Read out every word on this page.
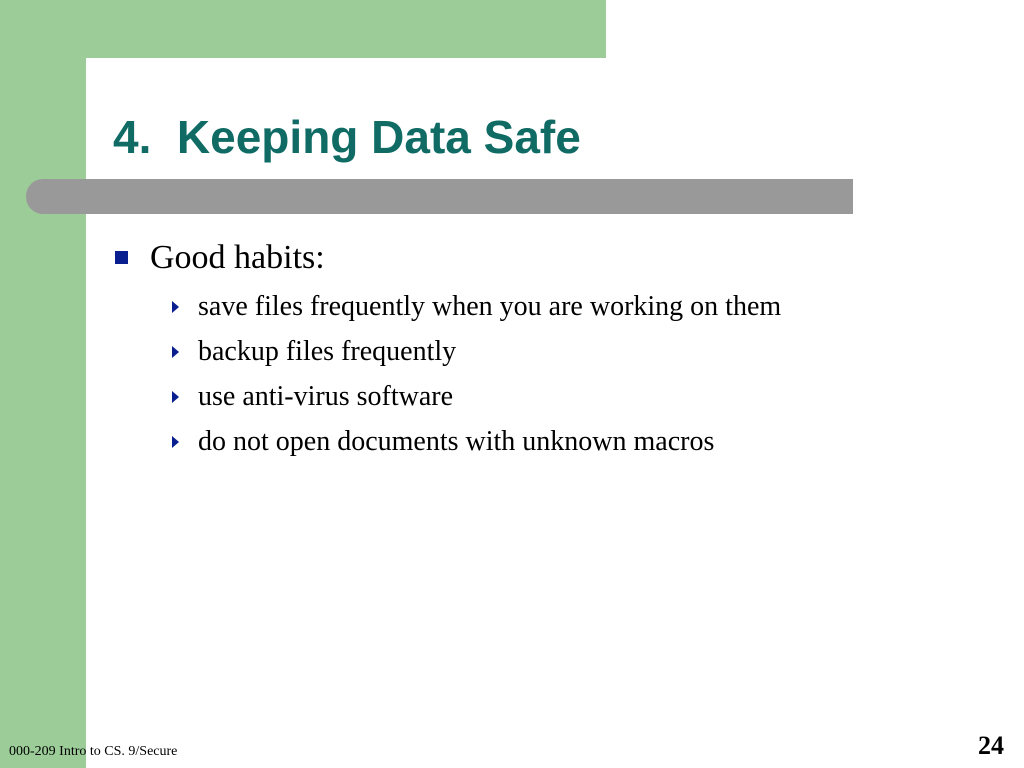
4.  Keeping Data Safe
Good habits:
save files frequently when you are working on them
backup files frequently
use anti-virus software
do not open documents with unknown macros

000-209 Intro to CS. 9/Secure	24
